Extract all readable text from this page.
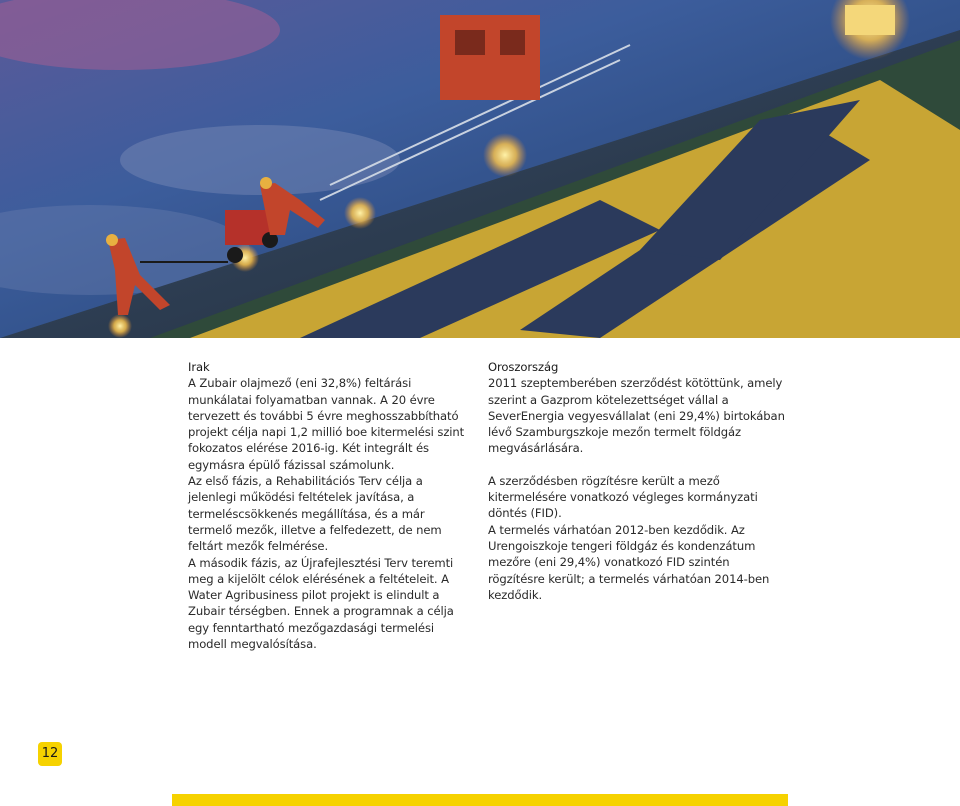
Irak

A Zubair olajmező (eni 32,8%) feltárási munkálatai folyamatban vannak. A 20 évre tervezett és további 5 évre meghosszabbítható projekt célja napi 1,2 millió boe kitermelési szint fokozatos elérése 2016-ig. Két integrált és egymásra épülő fázissal számolunk.

Az első fázis, a Rehabilitációs Terv célja a jelenlegi működési feltételek javítása, a termeléscsökkenés megállítása, és a már termelő mezők, illetve a felfedezett, de nem feltárt mezők felmérése.

A második fázis, az Újrafejlesztési Terv teremti meg a kijelölt célok elérésének a feltételeit. A Water Agribusiness pilot projekt is elindult a Zubair térségben. Ennek a programnak a célja egy fenntartható mezőgazdasági termelési modell megvalósítása.

Oroszország

2011 szeptemberében szerződést kötöttünk, amely szerint a Gazprom kötelezettséget vállal a SeverEnergia vegyesvállalat (eni 29,4%) birtokában lévő Szamburgszkoje mezőn termelt földgáz megvásárlására.

A szerződésben rögzítésre került a mező kitermelésére vonatkozó végleges kormányzati döntés (FID).

A termelés várhatóan 2012-ben kezdődik. Az Urengoiszkoje tengeri földgáz és kondenzátum mezőre (eni 29,4%) vonatkozó FID szintén rögzítésre került; a termelés várhatóan 2014-ben kezdődik.

12
